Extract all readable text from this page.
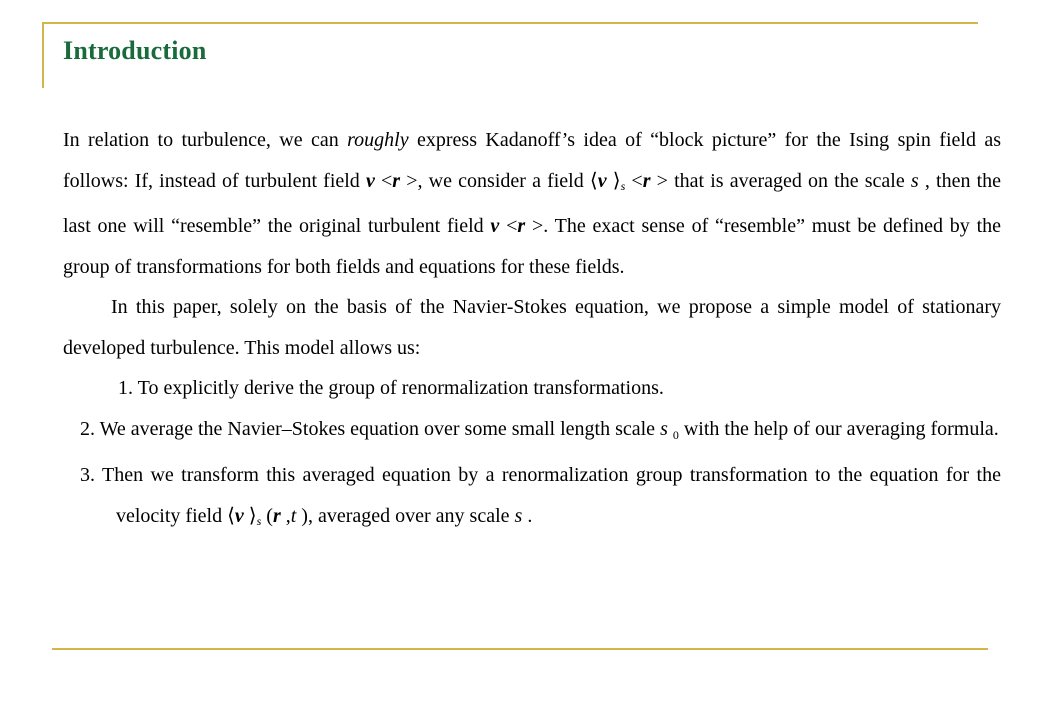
Introduction

In relation to turbulence, we can roughly express Kadanoff’s idea of “block picture” for the Ising spin field as follows: If, instead of turbulent field v <r >, we consider a field ⟨v $⟩_s <r$ > that is averaged on the scale s , then the last one will “resemble” the original turbulent field v <r >. The exact sense of “resemble” must be defined by the group of transformations for both fields and equations for these fields.

In this paper, solely on the basis of the Navier-Stokes equation, we propose a simple model of stationary developed turbulence. This model allows us:

1. To explicitly derive the group of renormalization transformations.

2. We average the Navier–Stokes equation over some small length scale s $_0$ with the help of our averaging formula.

3. Then we transform this averaged equation by a renormalization group transformation to the equation for the velocity field ⟨v $⟩_s$ (r ,t ), averaged over any scale s .
